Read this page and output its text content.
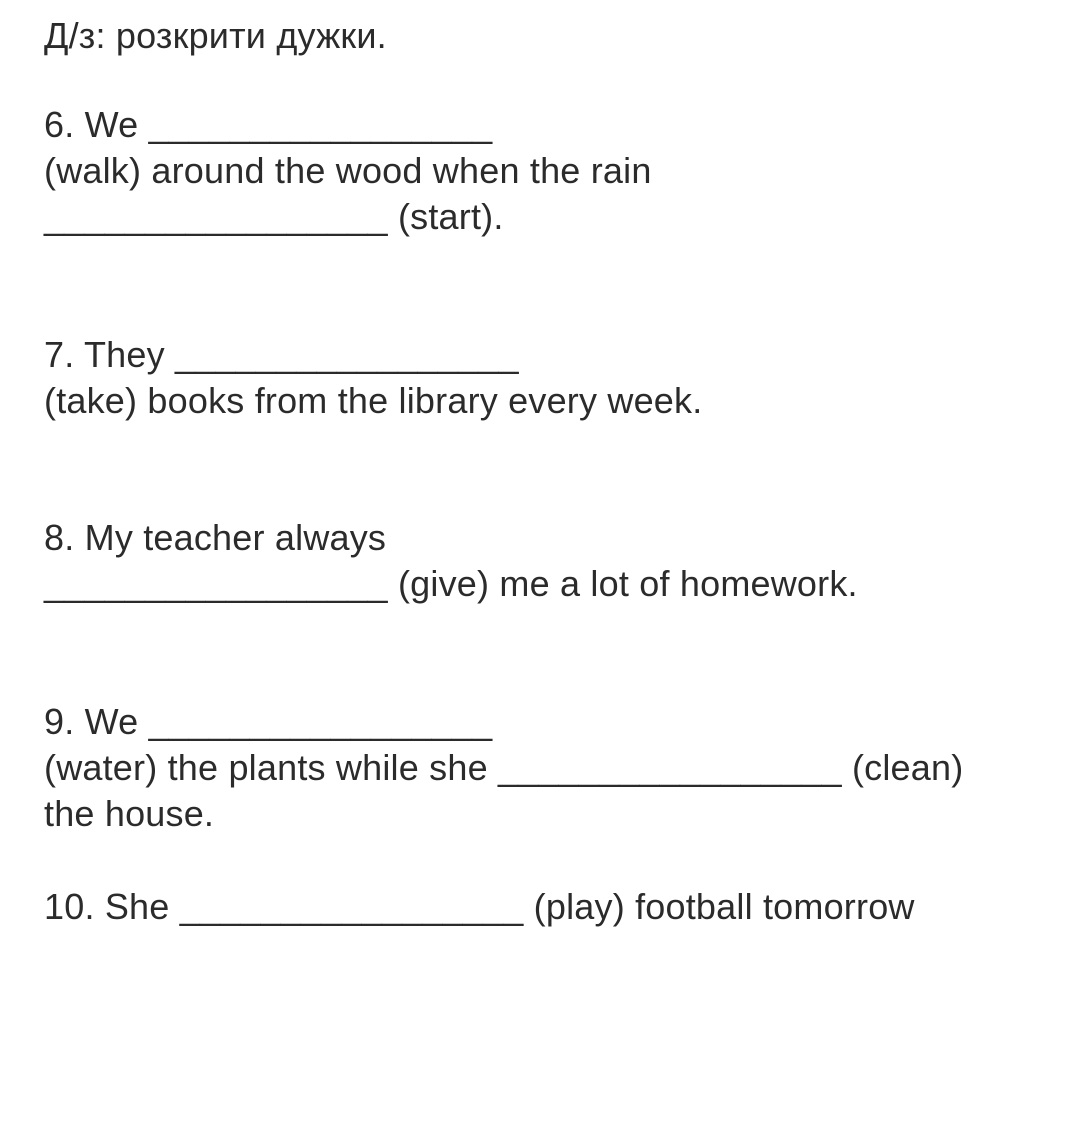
Д/з: розкрити дужки.
6. We _________________
(walk) around the wood when the rain
_________________ (start).
7. They _________________
(take) books from the library every week.
8. My teacher always
_________________ (give) me a lot of homework.
9. We _________________
(water) the plants while she _________________ (clean)
the house.
10. She _________________ (play) football tomorrow
